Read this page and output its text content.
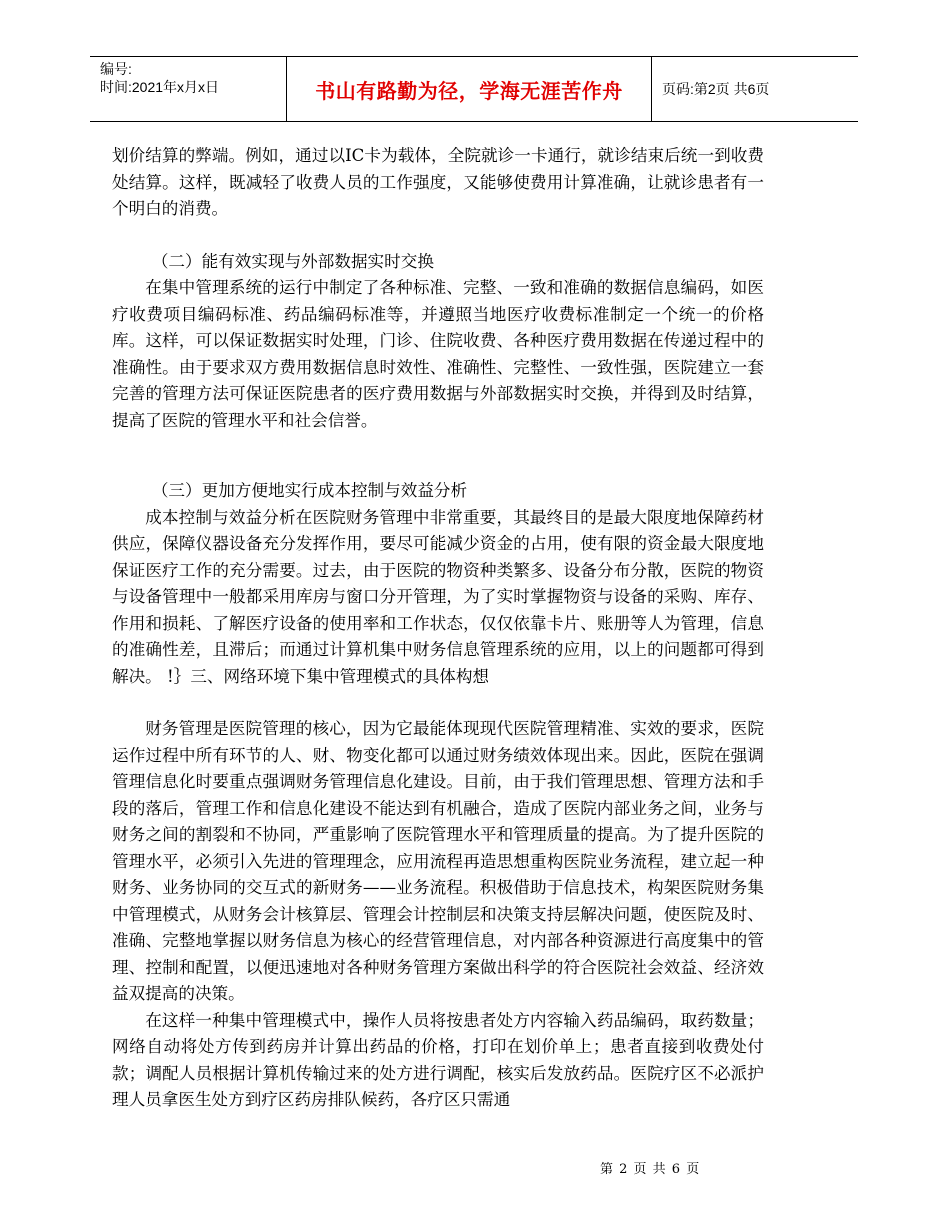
编号:
时间:2021年x月x日	书山有路勤为径，学海无涯苦作舟	页码:第2页 共6页

划价结算的弊端。例如，通过以IC卡为载体，全院就诊一卡通行，就诊结束后统一到收费处结算。这样，既减轻了收费人员的工作强度，又能够使费用计算准确，让就诊患者有一个明白的消费。

（二）能有效实现与外部数据实时交换

在集中管理系统的运行中制定了各种标准、完整、一致和准确的数据信息编码，如医疗收费项目编码标准、药品编码标准等，并遵照当地医疗收费标准制定一个统一的价格库。这样，可以保证数据实时处理，门诊、住院收费、各种医疗费用数据在传递过程中的准确性。由于要求双方费用数据信息时效性、准确性、完整性、一致性强，医院建立一套完善的管理方法可保证医院患者的医疗费用数据与外部数据实时交换，并得到及时结算，提高了医院的管理水平和社会信誉。

（三）更加方便地实行成本控制与效益分析

成本控制与效益分析在医院财务管理中非常重要，其最终目的是最大限度地保障药材供应，保障仪器设备充分发挥作用，要尽可能减少资金的占用，使有限的资金最大限度地保证医疗工作的充分需要。过去，由于医院的物资种类繁多、设备分布分散，医院的物资与设备管理中一般都采用库房与窗口分开管理，为了实时掌握物资与设备的采购、库存、作用和损耗、了解医疗设备的使用率和工作状态，仅仅依靠卡片、账册等人为管理，信息的准确性差，且滞后；而通过计算机集中财务信息管理系统的应用，以上的问题都可得到解决。 !｝三、网络环境下集中管理模式的具体构想

财务管理是医院管理的核心，因为它最能体现现代医院管理精准、实效的要求，医院运作过程中所有环节的人、财、物变化都可以通过财务绩效体现出来。因此，医院在强调管理信息化时要重点强调财务管理信息化建设。目前，由于我们管理思想、管理方法和手段的落后，管理工作和信息化建设不能达到有机融合，造成了医院内部业务之间，业务与财务之间的割裂和不协同，严重影响了医院管理水平和管理质量的提高。为了提升医院的管理水平，必须引入先进的管理理念，应用流程再造思想重构医院业务流程，建立起一种财务、业务协同的交互式的新财务——业务流程。积极借助于信息技术，构架医院财务集中管理模式，从财务会计核算层、管理会计控制层和决策支持层解决问题，使医院及时、准确、完整地掌握以财务信息为核心的经营管理信息，对内部各种资源进行高度集中的管理、控制和配置，以便迅速地对各种财务管理方案做出科学的符合医院社会效益、经济效益双提高的决策。

在这样一种集中管理模式中，操作人员将按患者处方内容输入药品编码，取药数量；网络自动将处方传到药房并计算出药品的价格，打印在划价单上；患者直接到收费处付款；调配人员根据计算机传输过来的处方进行调配，核实后发放药品。医院疗区不必派护理人员拿医生处方到疗区药房排队候药，各疗区只需通

第 2 页 共 6 页
